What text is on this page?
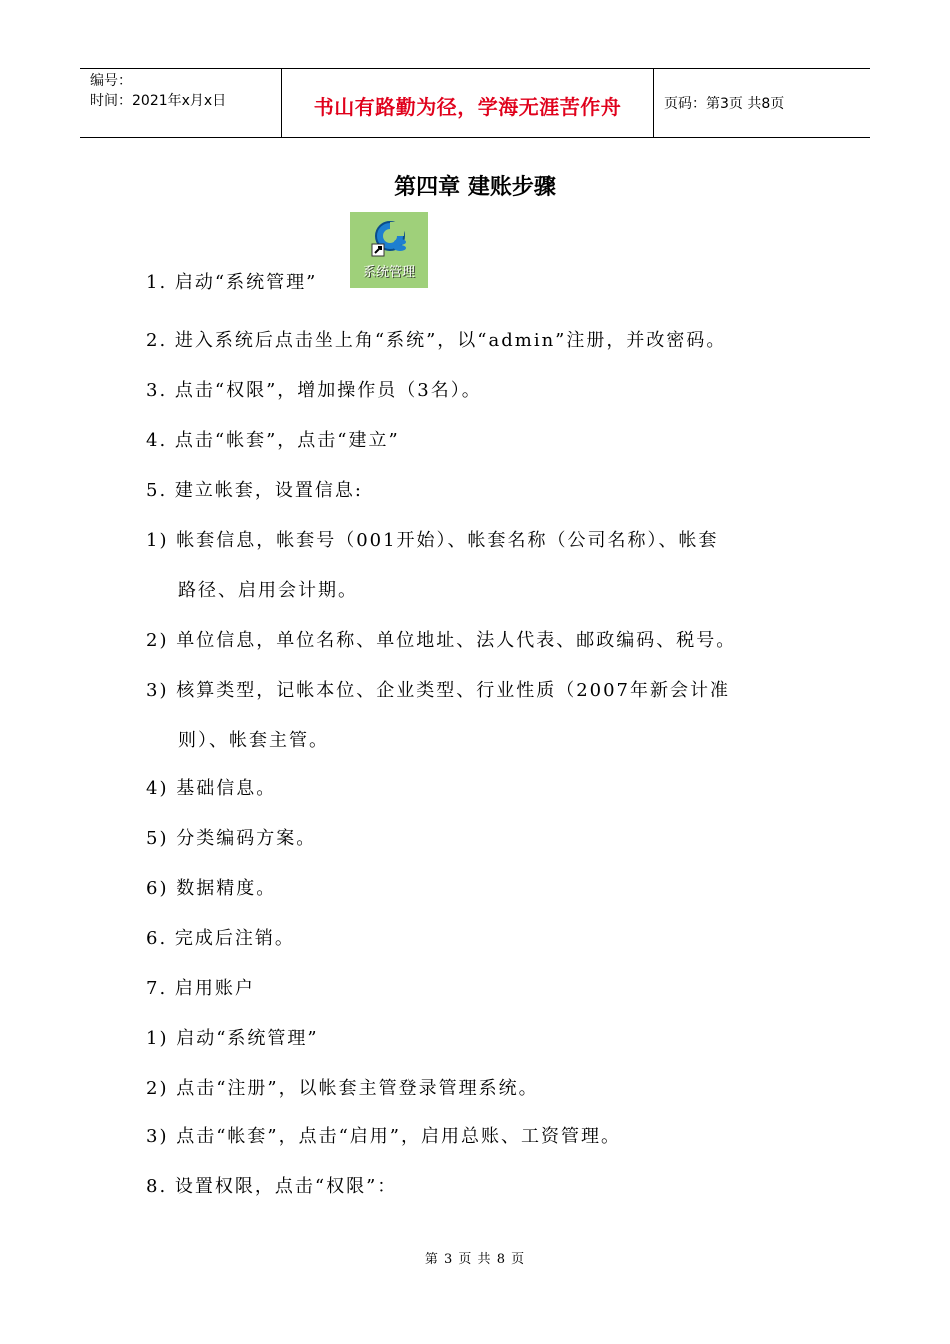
编号：
时间：2021年x月x日	书山有路勤为径，学海无涯苦作舟	页码：第3页 共8页
第四章 建账步骤
1. 启动“系统管理”	系统管理
2. 进入系统后点击坐上角“系统”，以“admin”注册，并改密码。
3. 点击“权限”，增加操作员（3名）。
4. 点击“帐套”，点击“建立”
5. 建立帐套，设置信息:
1) 帐套信息，帐套号（001开始）、帐套名称（公司名称）、帐套
路径、启用会计期。
2) 单位信息，单位名称、单位地址、法人代表、邮政编码、税号。
3) 核算类型，记帐本位、企业类型、行业性质（2007年新会计准
则）、帐套主管。
4) 基础信息。
5) 分类编码方案。
6) 数据精度。
6. 完成后注销。
7. 启用账户
1) 启动“系统管理”
2) 点击“注册”，以帐套主管登录管理系统。
3) 点击“帐套”，点击“启用”，启用总账、工资管理。
8. 设置权限，点击“权限”：
第 3 页 共 8 页
